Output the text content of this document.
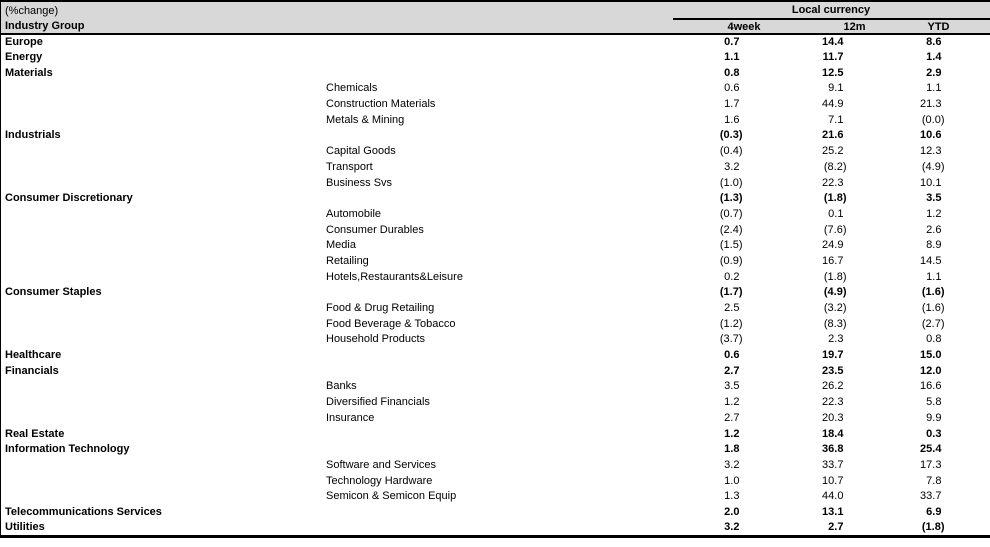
(%change)	Local currency		
Industry Group	4week	12m	YTD
Europe	0.7	14.4	8.6
Energy	1.1	11.7	1.4
Materials	0.8	12.5	2.9
Chemicals	0.6	9.1	1.1
Construction Materials	1.7	44.9	21.3
Metals & Mining	1.6	7.1	(0.0)
Industrials	(0.3)	21.6	10.6
Capital Goods	(0.4)	25.2	12.3
Transport	3.2	(8.2)	(4.9)
Business Svs	(1.0)	22.3	10.1
Consumer Discretionary	(1.3)	(1.8)	3.5
Automobile	(0.7)	0.1	1.2
Consumer Durables	(2.4)	(7.6)	2.6
Media	(1.5)	24.9	8.9
Retailing	(0.9)	16.7	14.5
Hotels,Restaurants&Leisure	0.2	(1.8)	1.1
Consumer Staples	(1.7)	(4.9)	(1.6)
Food & Drug Retailing	2.5	(3.2)	(1.6)
Food Beverage & Tobacco	(1.2)	(8.3)	(2.7)
Household Products	(3.7)	2.3	0.8
Healthcare	0.6	19.7	15.0
Financials	2.7	23.5	12.0
Banks	3.5	26.2	16.6
Diversified Financials	1.2	22.3	5.8
Insurance	2.7	20.3	9.9
Real Estate	1.2	18.4	0.3
Information Technology	1.8	36.8	25.4
Software and Services	3.2	33.7	17.3
Technology Hardware	1.0	10.7	7.8
Semicon & Semicon Equip	1.3	44.0	33.7
Telecommunications Services	2.0	13.1	6.9
Utilities	3.2	2.7	(1.8)
